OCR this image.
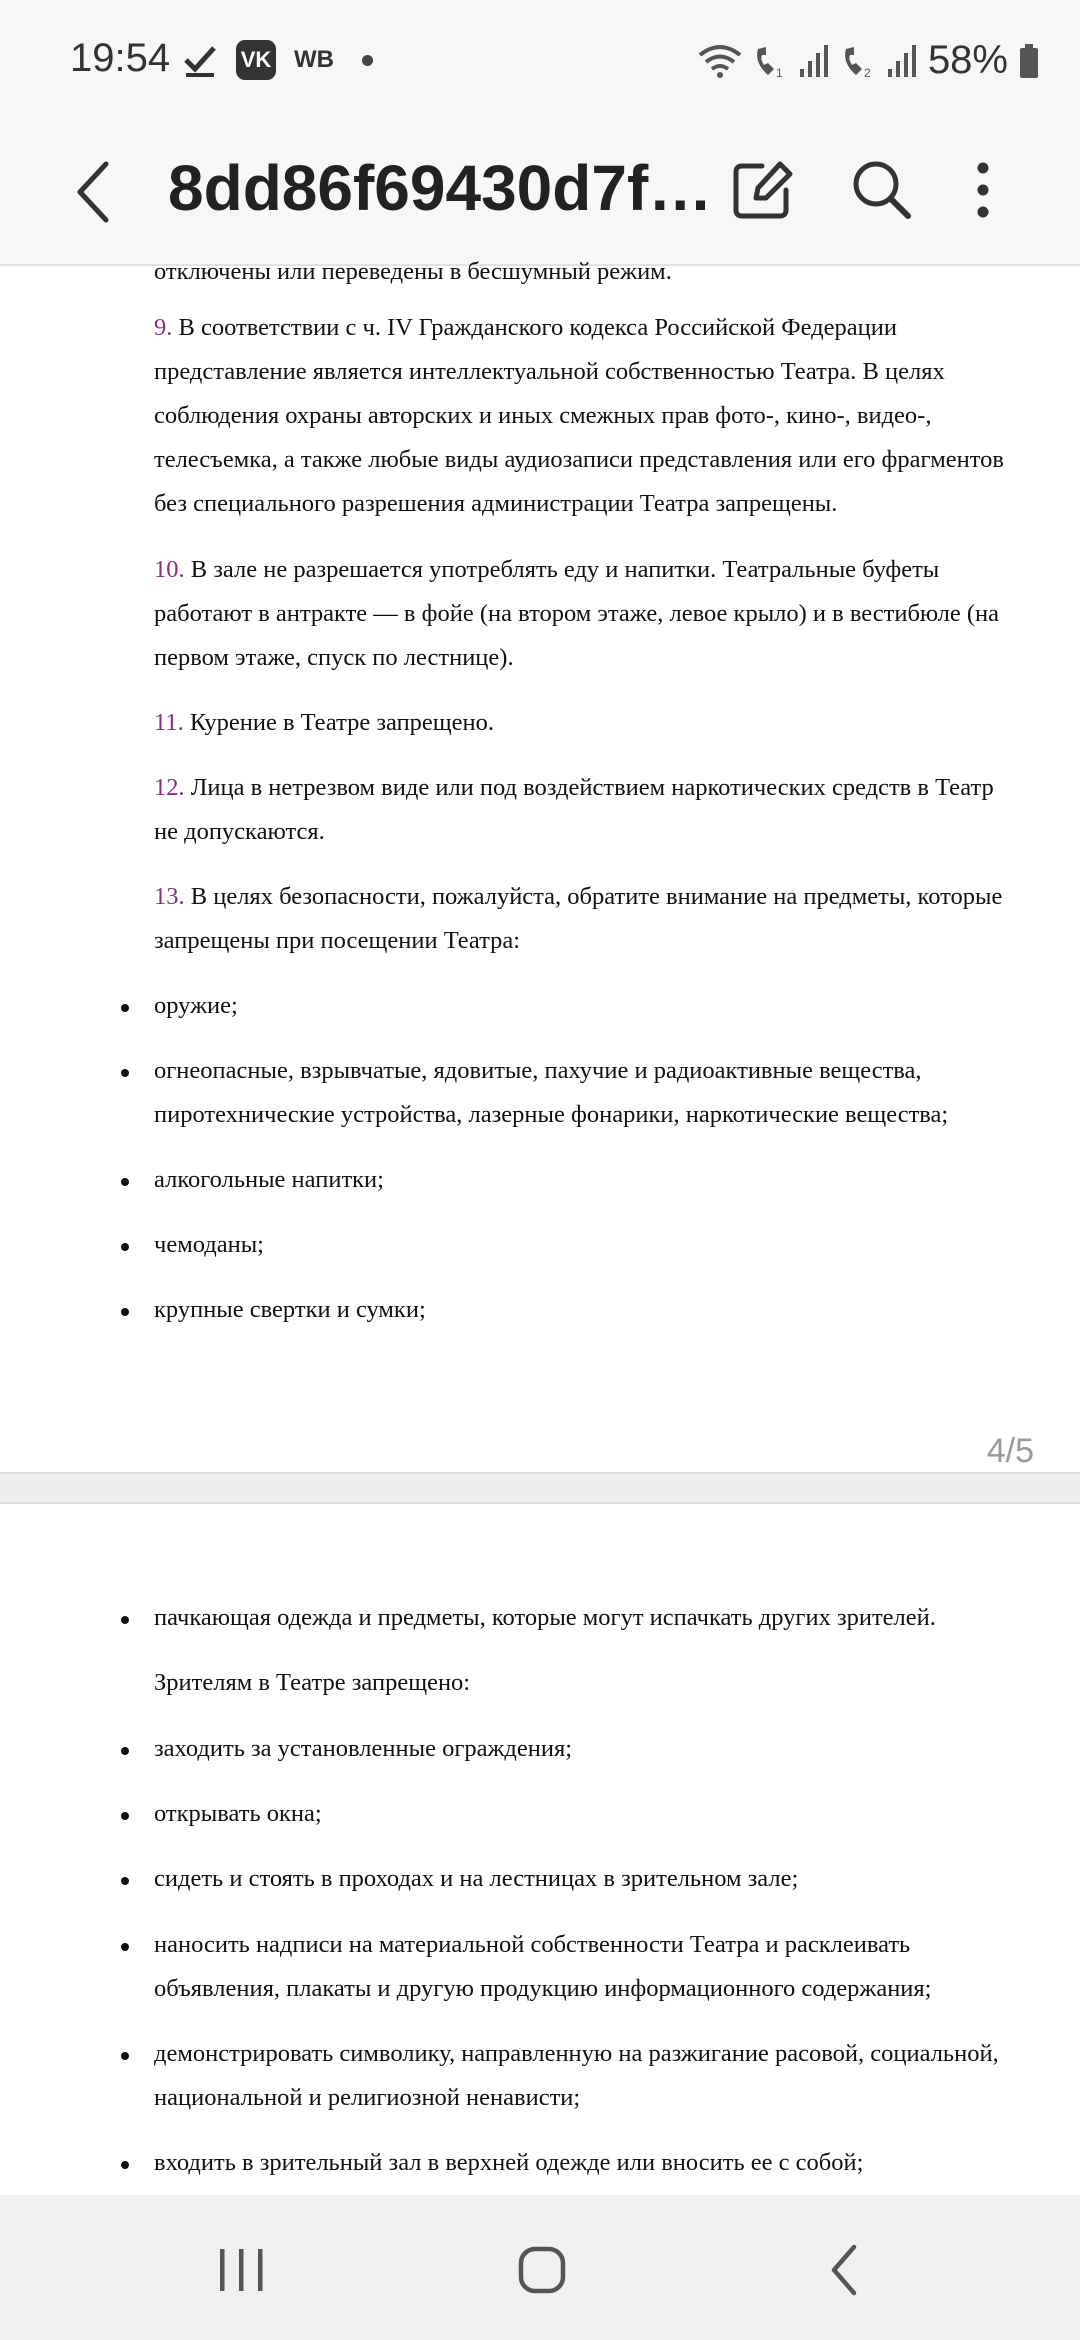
19:54	VK WB	1	2 58%
8dd86f69430d7f…
отключены или переведены в бесшумный режим.
9. В соответствии с ч. IV Гражданского кодекса Российской Федерации представление является интеллектуальной собственностью Театра. В целях соблюдения охраны авторских и иных смежных прав фото-, кино-, видео-, телесъемка, а также любые виды аудиозаписи представления или его фрагментов без специального разрешения администрации Театра запрещены.
10. В зале не разрешается употреблять еду и напитки. Театральные буфеты работают в антракте — в фойе (на втором этаже, левое крыло) и в вестибюле (на первом этаже, спуск по лестнице).
11. Курение в Театре запрещено.
12. Лица в нетрезвом виде или под воздействием наркотических средств в Театр не допускаются.
13. В целях безопасности, пожалуйста, обратите внимание на предметы, которые запрещены при посещении Театра:
оружие;
огнеопасные, взрывчатые, ядовитые, пахучие и радиоактивные вещества, пиротехнические устройства, лазерные фонарики, наркотические вещества;
алкогольные напитки;
чемоданы;
крупные свертки и сумки;
4/5
пачкающая одежда и предметы, которые могут испачкать других зрителей.
Зрителям в Театре запрещено:
заходить за установленные ограждения;
открывать окна;
сидеть и стоять в проходах и на лестницах в зрительном зале;
наносить надписи на материальной собственности Театра и расклеивать объявления, плакаты и другую продукцию информационного содержания;
демонстрировать символику, направленную на разжигание расовой, социальной, национальной и религиозной ненависти;
входить в зрительный зал в верхней одежде или вносить ее с собой;
